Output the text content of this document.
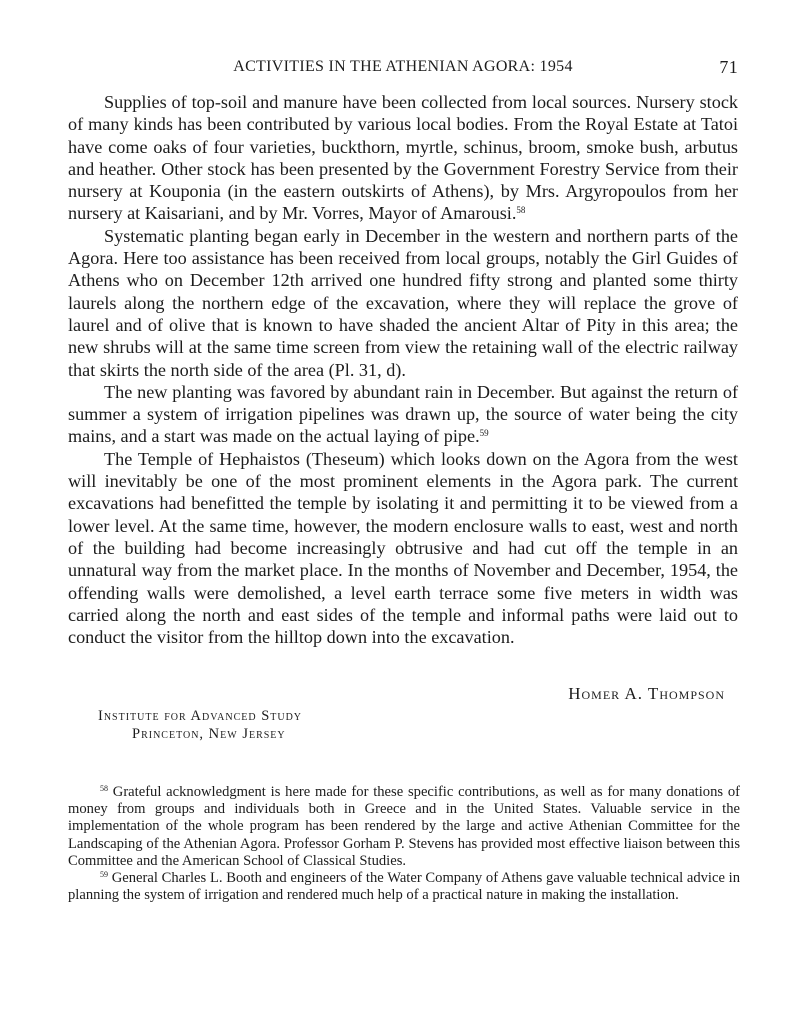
ACTIVITIES IN THE ATHENIAN AGORA: 1954	71

Supplies of top-soil and manure have been collected from local sources. Nursery stock of many kinds has been contributed by various local bodies. From the Royal Estate at Tatoi have come oaks of four varieties, buckthorn, myrtle, schinus, broom, smoke bush, arbutus and heather. Other stock has been presented by the Government Forestry Service from their nursery at Kouponia (in the eastern outskirts of Athens), by Mrs. Argyropoulos from her nursery at Kaisariani, and by Mr. Vorres, Mayor of Amarousi.$^{58}$

Systematic planting began early in December in the western and northern parts of the Agora. Here too assistance has been received from local groups, notably the Girl Guides of Athens who on December 12th arrived one hundred fifty strong and planted some thirty laurels along the northern edge of the excavation, where they will replace the grove of laurel and of olive that is known to have shaded the ancient Altar of Pity in this area; the new shrubs will at the same time screen from view the retaining wall of the electric railway that skirts the north side of the area (Pl. 31, d).

The new planting was favored by abundant rain in December. But against the return of summer a system of irrigation pipelines was drawn up, the source of water being the city mains, and a start was made on the actual laying of pipe.$^{59}$

The Temple of Hephaistos (Theseum) which looks down on the Agora from the west will inevitably be one of the most prominent elements in the Agora park. The current excavations had benefitted the temple by isolating it and permitting it to be viewed from a lower level. At the same time, however, the modern enclosure walls to east, west and north of the building had become increasingly obtrusive and had cut off the temple in an unnatural way from the market place. In the months of November and December, 1954, the offending walls were demolished, a level earth terrace some five meters in width was carried along the north and east sides of the temple and informal paths were laid out to conduct the visitor from the hilltop down into the excavation.

Homer A. Thompson
Institute for Advanced Study
Princeton, New Jersey

$^{58}$ Grateful acknowledgment is here made for these specific contributions, as well as for many donations of money from groups and individuals both in Greece and in the United States. Valuable service in the implementation of the whole program has been rendered by the large and active Athenian Committee for the Landscaping of the Athenian Agora. Professor Gorham P. Stevens has provided most effective liaison between this Committee and the American School of Classical Studies.

$^{59}$ General Charles L. Booth and engineers of the Water Company of Athens gave valuable technical advice in planning the system of irrigation and rendered much help of a practical nature in making the installation.
